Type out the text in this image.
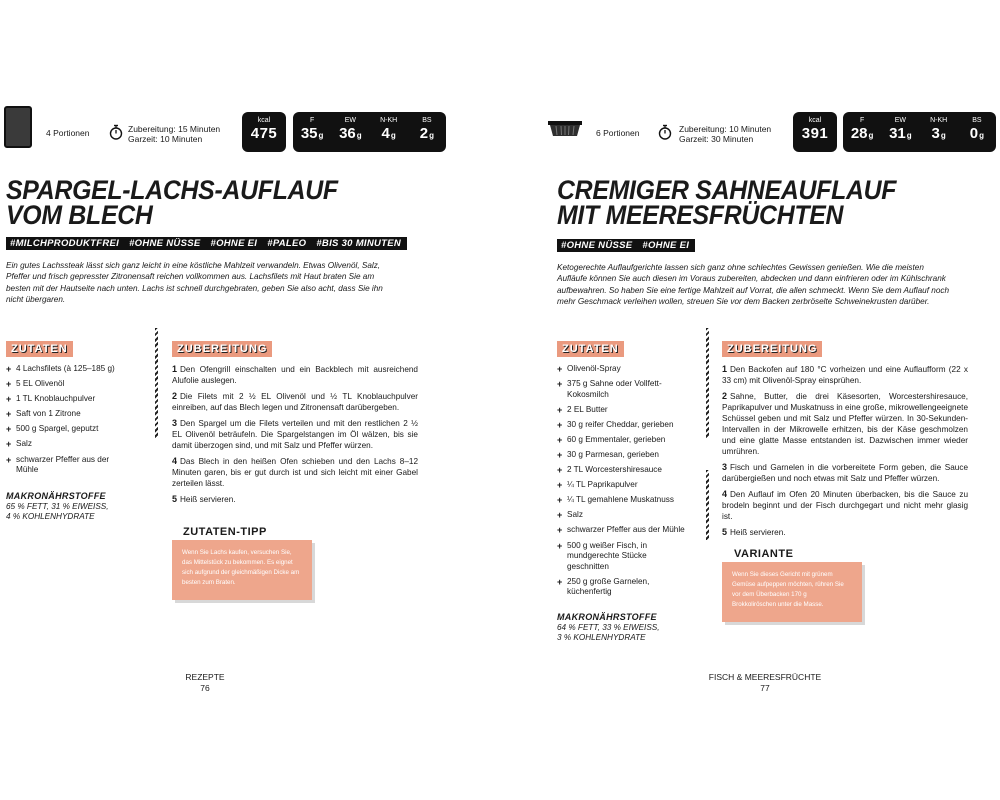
4 Portionen	Zubereitung: 15 Minuten
Garzeit: 10 Minuten
kcal
475
F
35g
EW
36g
N-KH
4g
BS
2g
SPARGEL-LACHS-AUFLAUF
VOM BLECH
#MILCHPRODUKTFREI	#OHNE NÜSSE	#OHNE EI	#PALEO	#BIS 30 MINUTEN
Ein gutes Lachssteak lässt sich ganz leicht in eine köstliche Mahlzeit verwandeln. Etwas Olivenöl, Salz, Pfeffer und frisch gepresster Zitronensaft reichen vollkommen aus. Lachsfilets mit Haut braten Sie am besten mit der Hautseite nach unten. Lachs ist schnell durchgebraten, geben Sie also acht, dass Sie ihn nicht übergaren.
ZUTATEN
+ 4 Lachsfilets (à 125–185 g)
+ 5 EL Olivenöl
+ 1 TL Knoblauchpulver
+ Saft von 1 Zitrone
+ 500 g Spargel, geputzt
+ Salz
+ schwarzer Pfeffer aus der Mühle
MAKRONÄHRSTOFFE
65 % FETT, 31 % EIWEISS,
4 % KOHLENHYDRATE
ZUBEREITUNG
1 Den Ofengrill einschalten und ein Backblech mit ausreichend Alufolie auslegen.
2 Die Filets mit 2 ½ EL Olivenöl und ½ TL Knoblauchpulver einreiben, auf das Blech legen und Zitronensaft darübergeben.
3 Den Spargel um die Filets verteilen und mit den restlichen 2 ½ EL Olivenöl beträufeln. Die Spargelstangen im Öl wälzen, bis sie damit überzogen sind, und mit Salz und Pfeffer würzen.
4 Das Blech in den heißen Ofen schieben und den Lachs 8–12 Minuten garen, bis er gut durch ist und sich leicht mit einer Gabel zerteilen lässt.
5 Heiß servieren.
ZUTATEN-TIPP
Wenn Sie Lachs kaufen, versuchen Sie, das Mittelstück zu bekommen. Es eignet sich aufgrund der gleichmäßigen Dicke am besten zum Braten.
REZEPTE
76
6 Portionen	Zubereitung: 10 Minuten
Garzeit: 30 Minuten
kcal
391
F
28g
EW
31g
N-KH
3g
BS
0g
CREMIGER SAHNEAUFLAUF
MIT MEERESFRÜCHTEN
#OHNE NÜSSE	#OHNE EI
Ketogerechte Auflaufgerichte lassen sich ganz ohne schlechtes Gewissen genießen. Wie die meisten Aufläufe können Sie auch diesen im Voraus zubereiten, abdecken und dann einfrieren oder im Kühlschrank aufbewahren. So haben Sie eine fertige Mahlzeit auf Vorrat, die allen schmeckt. Wenn Sie dem Auflauf noch mehr Geschmack verleihen wollen, streuen Sie vor dem Backen zerbröselte Schweinekrusten darüber.
ZUTATEN
+ Olivenöl-Spray
+ 375 g Sahne oder Vollfett-Kokosmilch
+ 2 EL Butter
+ 30 g reifer Cheddar, gerieben
+ 60 g Emmentaler, gerieben
+ 30 g Parmesan, gerieben
+ 2 TL Worcestershiresauce
+ ¼ TL Paprikapulver
+ ¼ TL gemahlene Muskatnuss
+ Salz
+ schwarzer Pfeffer aus der Mühle
+ 500 g weißer Fisch, in mundgerechte Stücke geschnitten
+ 250 g große Garnelen, küchenfertig
MAKRONÄHRSTOFFE
64 % FETT, 33 % EIWEISS,
3 % KOHLENHYDRATE
ZUBEREITUNG
1 Den Backofen auf 180 °C vorheizen und eine Auflaufform (22 x 33 cm) mit Olivenöl-Spray einsprühen.
2 Sahne, Butter, die drei Käsesorten, Worcestershiresauce, Paprikapulver und Muskatnuss in eine große, mikrowellengeeignete Schüssel geben und mit Salz und Pfeffer würzen. In 30-Sekunden-Intervallen in der Mikrowelle erhitzen, bis der Käse geschmolzen und eine glatte Masse entstanden ist. Dazwischen immer wieder umrühren.
3 Fisch und Garnelen in die vorbereitete Form geben, die Sauce darübergießen und noch etwas mit Salz und Pfeffer würzen.
4 Den Auflauf im Ofen 20 Minuten überbacken, bis die Sauce zu brodeln beginnt und der Fisch durchgegart und nicht mehr glasig ist.
5 Heiß servieren.
VARIANTE
Wenn Sie dieses Gericht mit grünem Gemüse aufpeppen möchten, rühren Sie vor dem Überbacken 170 g Brokkoliröschen unter die Masse.
FISCH & MEERESFRÜCHTE
77
